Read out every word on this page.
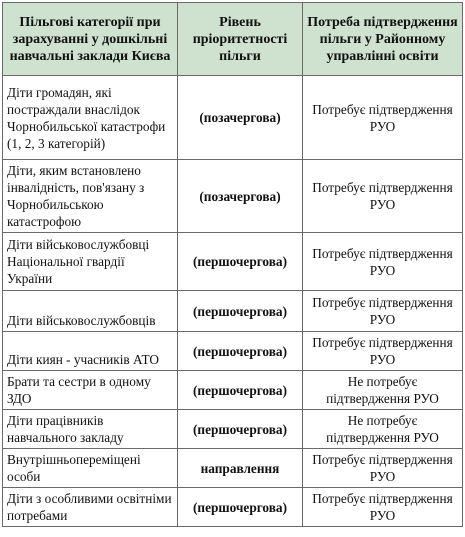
Пільгові категорії при зарахуванні у дошкільні навчальні заклади Києва	Рівень пріоритетності пільги	Потреба підтвердження пільги у Районному управлінні освіти
Діти громадян, які постраждали внаслідок Чорнобильської катастрофи (1, 2, 3 категорій)	(позачергова)	Потребує підтвердження РУО
Діти, яким встановлено інвалідність, пов'язану з Чорнобильською катастрофою	(позачергова)	Потребує підтвердження РУО
Діти військовослужбовці Національної гвардії України	(першочергова)	Потребує підтвердження РУО
Діти військовослужбовців	(першочергова)	Потребує підтвердження РУО
Діти киян - учасників АТО	(першочергова)	Потребує підтвердження РУО
Брати та сестри в одному ЗДО	(першочергова)	Не потребує підтвердження РУО
Діти працівників навчального закладу	(першочергова)	Не потребує підтвердження РУО
Внутрішньопереміщені особи	направлення	Потребує підтвердження РУО
Діти з особливими освітніми потребами	(першочергова)	Потребує підтвердження РУО
